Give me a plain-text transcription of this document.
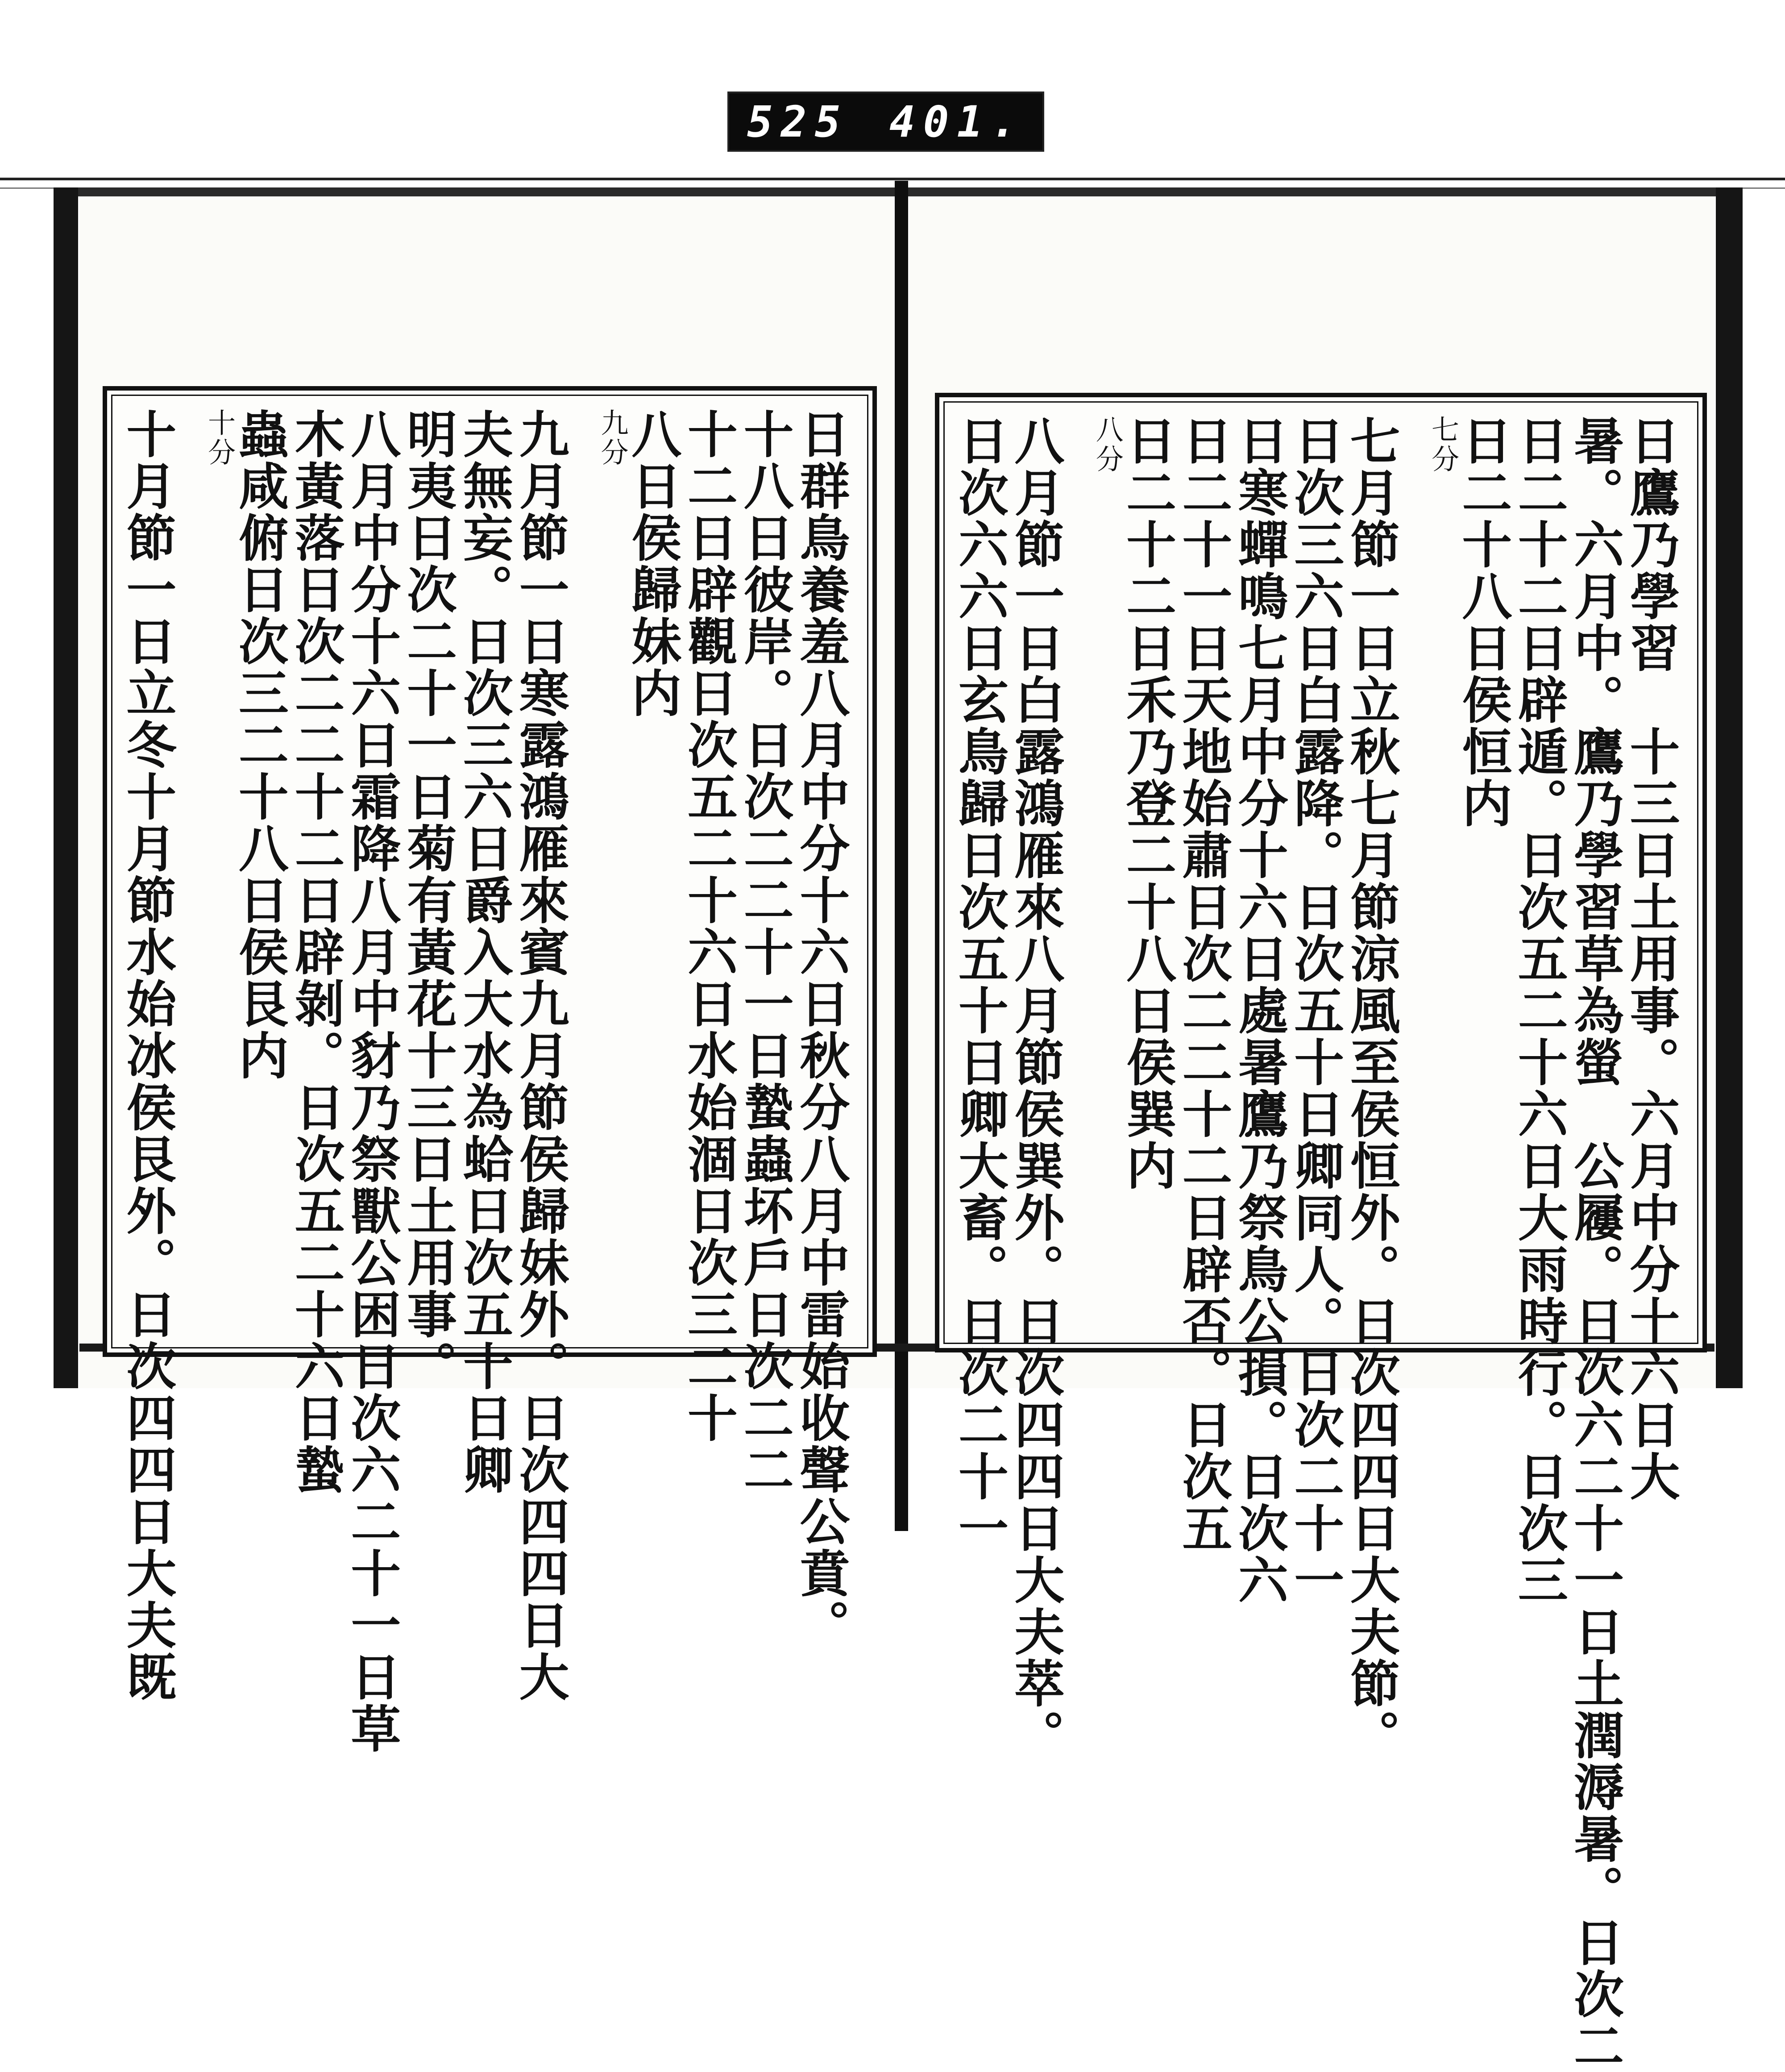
525 401.
日鷹乃學習　十三日土用事。六月中分十六日大
暑。六月中。鷹乃學習草為螢　公屨。日次六二十一日土潤溽暑。日次二
日二十二日辟遁。日次五二十六日大雨時行。日次三
日二十八日侯恒内
七分
七月節一日立秋七月節涼風至侯恒外。日次四四日大夫節。
日次三六日白露降。日次五十日卿同人。日次二十一
日寒蟬鳴七月中分十六日處暑鷹乃祭鳥公損。日次六
日二十一日天地始肅日次二二十二日辟否。日次五
日二十二日禾乃登二十八日侯巽内
八分
八月節一日白露鴻雁來八月節侯巽外。日次四四日大夫萃。
日次六六日玄鳥歸日次五十日卿大畜。日次二十一
日群鳥養羞八月中分十六日秋分八月中雷始收聲公賁。
十八日彼岸。日次二二十一日蟄蟲坏戶日次二二
十二日辟觀日次五二十六日水始涸日次三二十
八日侯歸妹内
九分
九月節一日寒露鴻雁來賓九月節侯歸妹外。日次四四日大
夫無妄。日次三六日爵入大水為蛤日次五十日卿
明夷日次二十一日菊有黃花十三日土用事。
八月中分十六日霜降八月中豺乃祭獸公困日次六二十一日草
木黃落日次二二十二日辟剝。日次五二十六日蟄
蟲咸俯日次三二十八日侯艮内
十分
十月節一日立冬十月節水始冰侯艮外。日次四四日大夫既
